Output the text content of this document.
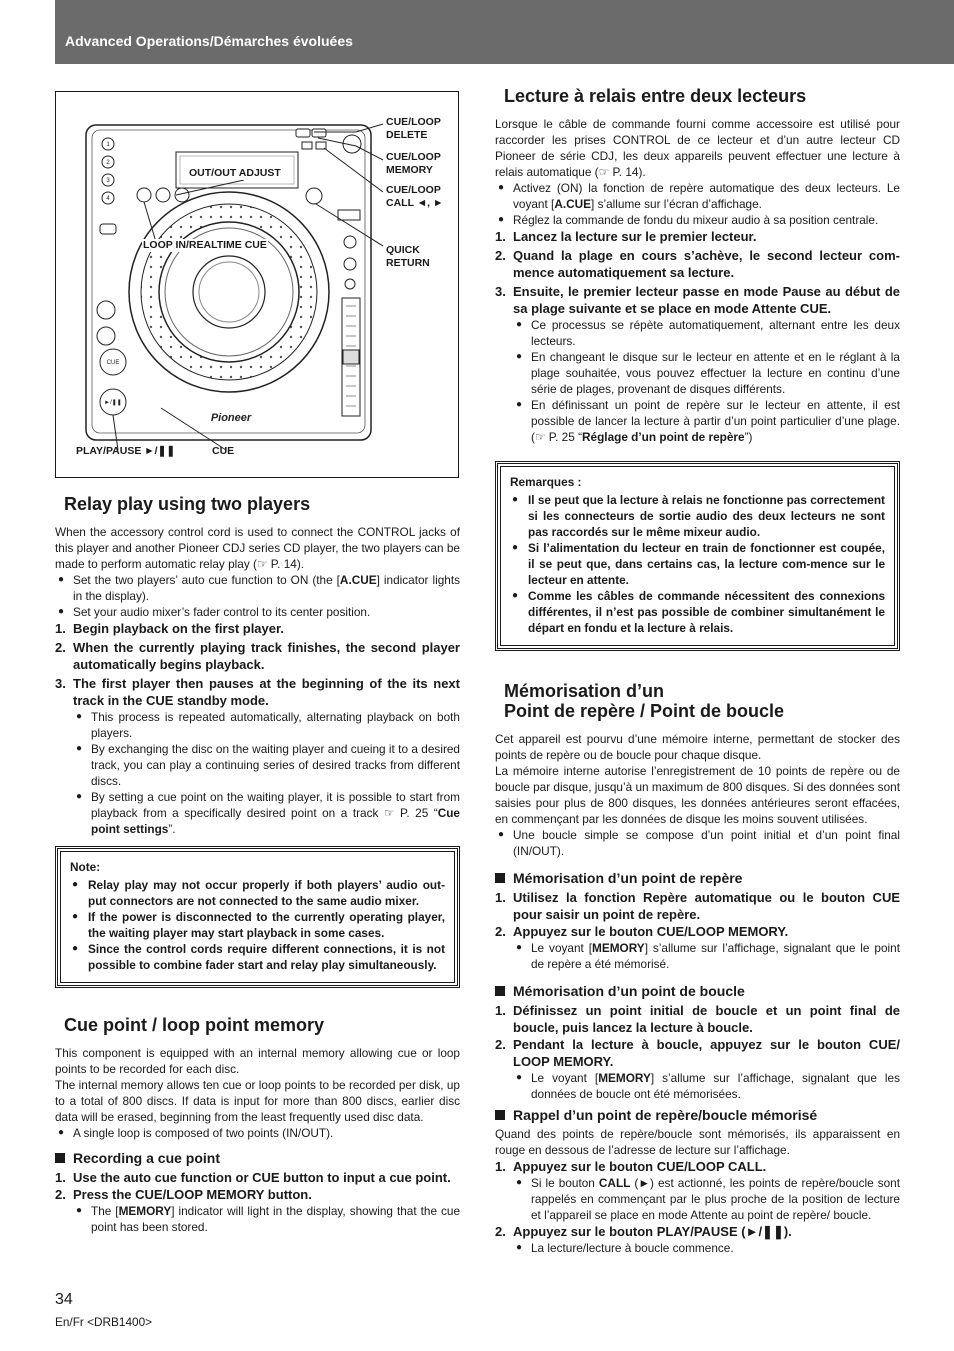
Advanced Operations/Démarches évoluées
1
2
3
4
CUE
►/❚❚
Pioneer
CUE/LOOP
DELETE
CUE/LOOP
MEMORY
CUE/LOOP
CALL ◄, ►
QUICK
RETURN
OUT/OUT ADJUST
LOOP IN/REALTIME CUE
PLAY/PAUSE ►/❚❚	CUE
Relay play using two players

When the accessory control cord is used to connect the CONTROL jacks of this player and another Pioneer CDJ series CD player, the two players can be made to perform automatic relay play (☞ P. 14).

● Set the two players’ auto cue function to ON (the [A.CUE] indicator lights in the display).
● Set your audio mixer’s fader control to its center position.
1. Begin playback on the first player.
2. When the currently playing track finishes, the second player automatically begins playback.
3. The first player then pauses at the beginning of the its next track in the CUE standby mode.
● This process is repeated automatically, alternating playback on both players.
● By exchanging the disc on the waiting player and cueing it to a desired track, you can play a continuing series of desired tracks from different discs.
● By setting a cue point on the waiting player, it is possible to start from playback from a specifically desired point on a track ☞ P. 25 “Cue point settings”.
Note:
● Relay play may not occur properly if both players’ audio out-put connectors are not connected to the same audio mixer.
● If the power is disconnected to the currently operating player, the waiting player may start playback in some cases.
● Since the control cords require different connections, it is not possible to combine fader start and relay play simultaneously.
Cue point / loop point memory

This component is equipped with an internal memory allowing cue or loop points to be recorded for each disc.

The internal memory allows ten cue or loop points to be recorded per disk, up to a total of 800 discs. If data is input for more than 800 discs, earlier disc data will be erased, beginning from the least frequently used disc data.

● A single loop is composed of two points (IN/OUT).
Recording a cue point
1. Use the auto cue function or CUE button to input a cue point.
2. Press the CUE/LOOP MEMORY button.
● The [MEMORY] indicator will light in the display, showing that the cue point has been stored.
Lecture à relais entre deux lecteurs

Lorsque le câble de commande fourni comme accessoire est utilisé pour raccorder les prises CONTROL de ce lecteur et d’un autre lecteur CD Pioneer de série CDJ, les deux appareils peuvent effectuer une lecture à relais automatique (☞ P. 14).

● Activez (ON) la fonction de repère automatique des deux lecteurs. Le voyant [A.CUE] s’allume sur l’écran d’affichage.
● Réglez la commande de fondu du mixeur audio à sa position centrale.
1. Lancez la lecture sur le premier lecteur.
2. Quand la plage en cours s’achève, le second lecteur com-mence automatiquement sa lecture.
3. Ensuite, le premier lecteur passe en mode Pause au début de sa plage suivante et se place en mode Attente CUE.
● Ce processus se répète automatiquement, alternant entre les deux lecteurs.
● En changeant le disque sur le lecteur en attente et en le réglant à la plage souhaitée, vous pouvez effectuer la lecture en continu d’une série de plages, provenant de disques différents.
● En définissant un point de repère sur le lecteur en attente, il est possible de lancer la lecture à partir d’un point particulier d’une plage. (☞ P. 25 “Réglage d’un point de repère”)
Remarques :
● Il se peut que la lecture à relais ne fonctionne pas correctement si les connecteurs de sortie audio des deux lecteurs ne sont pas raccordés sur le même mixeur audio.
● Si l’alimentation du lecteur en train de fonctionner est coupée, il se peut que, dans certains cas, la lecture com-mence sur le lecteur en attente.
● Comme les câbles de commande nécessitent des connexions différentes, il n’est pas possible de combiner simultanément le départ en fondu et la lecture à relais.
Mémorisation d’un
Point de repère / Point de boucle

Cet appareil est pourvu d’une mémoire interne, permettant de stocker des points de repère ou de boucle pour chaque disque.

La mémoire interne autorise l’enregistrement de 10 points de repère ou de boucle par disque, jusqu’à un maximum de 800 disques. Si des données sont saisies pour plus de 800 disques, les données antérieures seront effacées, en commençant par les données de disque les moins souvent utilisées.

● Une boucle simple se compose d’un point initial et d’un point final (IN/OUT).
Mémorisation d’un point de repère
1. Utilisez la fonction Repère automatique ou le bouton CUE pour saisir un point de repère.
2. Appuyez sur le bouton CUE/LOOP MEMORY.
● Le voyant [MEMORY] s’allume sur l’affichage, signalant que le point de repère a été mémorisé.
Mémorisation d’un point de boucle
1. Définissez un point initial de boucle et un point final de boucle, puis lancez la lecture à boucle.
2. Pendant la lecture à boucle, appuyez sur le bouton CUE/ LOOP MEMORY.
● Le voyant [MEMORY] s’allume sur l’affichage, signalant que les données de boucle ont été mémorisées.
Rappel d’un point de repère/boucle mémorisé

Quand des points de repère/boucle sont mémorisés, ils apparaissent en rouge en dessous de l’adresse de lecture sur l’affichage.

1. Appuyez sur le bouton CUE/LOOP CALL.
● Si le bouton CALL (►) est actionné, les points de repère/boucle sont rappelés en commençant par le plus proche de la position de lecture et l’appareil se place en mode Attente au point de repère/ boucle.
2. Appuyez sur le bouton PLAY/PAUSE (►/❚❚).
● La lecture/lecture à boucle commence.
34
En/Fr <DRB1400>
